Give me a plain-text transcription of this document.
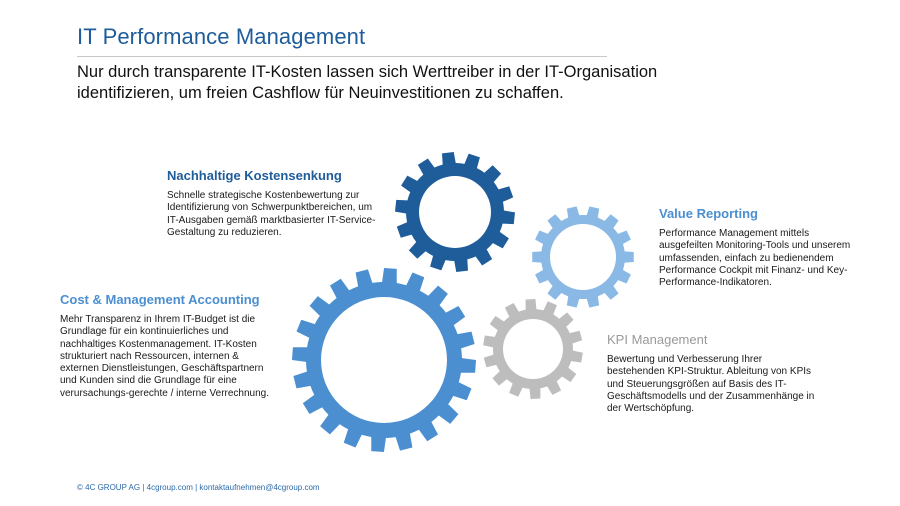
IT Performance Management
Nur durch transparente IT-Kosten lassen sich Werttreiber in der IT-Organisation identifizieren, um freien Cashflow für Neuinvestitionen zu schaffen.
Nachhaltige Kostensenkung

Schnelle strategische Kostenbewertung zur Identifizierung von Schwerpunktbereichen, um IT-Ausgaben gemäß marktbasierter IT-Service-Gestaltung zu reduzieren.

Cost & Management Accounting

Mehr Transparenz in Ihrem IT-Budget ist die Grundlage für ein kontinuierliches und nachhaltiges Kostenmanagement. IT-Kosten strukturiert nach Ressourcen, internen & externen Dienstleistungen, Geschäftspartnern und Kunden sind die Grundlage für eine verursachungs-gerechte / interne Verrechnung.

Value Reporting

Performance Management mittels ausgefeilten Monitoring-Tools und unserem umfassenden, einfach zu bedienendem Performance Cockpit mit Finanz- und Key-Performance-Indikatoren.

KPI Management

Bewertung und Verbesserung Ihrer bestehenden KPI-Struktur. Ableitung von KPIs und Steuerungsgrößen auf Basis des IT-Geschäftsmodells und der Zusammenhänge in der Wertschöpfung.

© 4C GROUP AG | 4cgroup.com | kontaktaufnehmen@4cgroup.com
